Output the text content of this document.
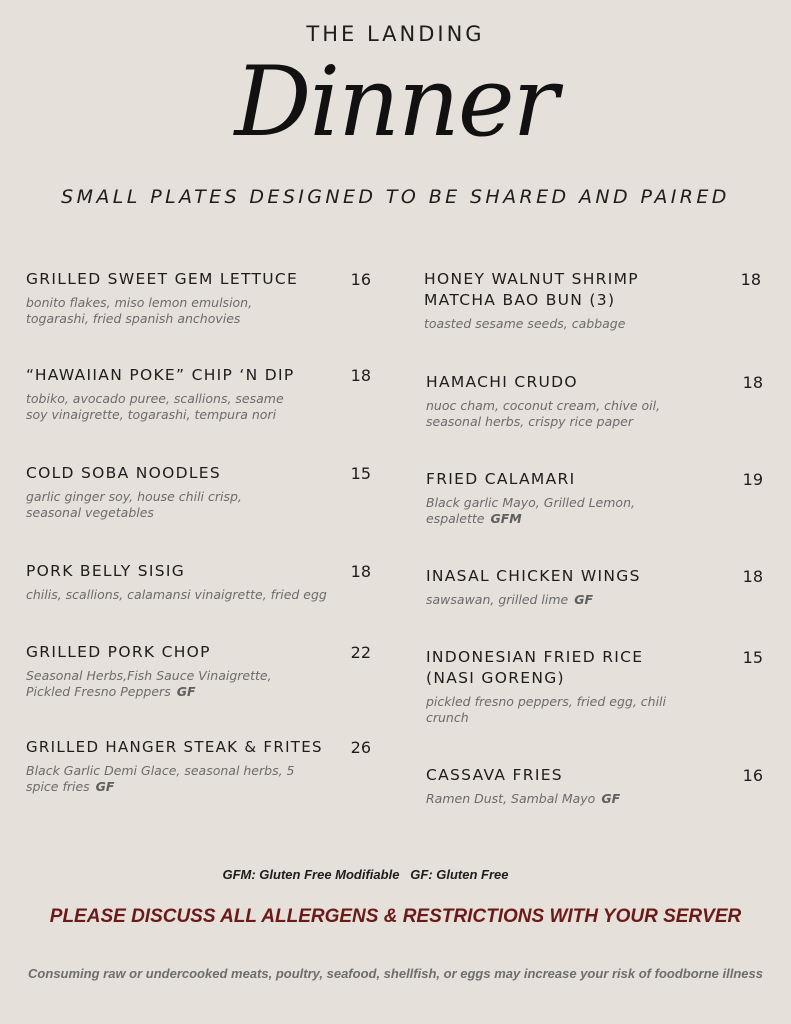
THE LANDING
Dinner
SMALL PLATES DESIGNED TO BE SHARED AND PAIRED
GRILLED SWEET GEM LETTUCE	16
bonito flakes, miso lemon emulsion, togarashi, fried spanish anchovies
“HAWAIIAN POKE” CHIP ‘N DIP	18
tobiko, avocado puree, scallions, sesame soy vinaigrette, togarashi, tempura nori
COLD SOBA NOODLES	15
garlic ginger soy, house chili crisp, seasonal vegetables
PORK BELLY SISIG	18
chilis, scallions, calamansi vinaigrette, fried egg
GRILLED PORK CHOP	22
Seasonal Herbs,Fish Sauce Vinaigrette, Pickled Fresno Peppers GF
GRILLED HANGER STEAK & FRITES	26
Black Garlic Demi Glace, seasonal herbs, 5 spice fries GF
HONEY WALNUT SHRIMP MATCHA BAO BUN (3)
18
toasted sesame seeds, cabbage
HAMACHI CRUDO	18
nuoc cham, coconut cream, chive oil, seasonal herbs, crispy rice paper
FRIED CALAMARI	19
Black garlic Mayo, Grilled Lemon, espalette GFM
INASAL CHICKEN WINGS	18
sawsawan, grilled lime GF
INDONESIAN FRIED RICE (NASI GORENG)
15
pickled fresno peppers, fried egg, chili crunch
CASSAVA FRIES	16
Ramen Dust, Sambal Mayo GF
GFM: Gluten Free Modifiable   GF: Gluten Free
PLEASE DISCUSS ALL ALLERGENS & RESTRICTIONS WITH YOUR SERVER
Consuming raw or undercooked meats, poultry, seafood, shellfish, or eggs may increase your risk of foodborne illness
